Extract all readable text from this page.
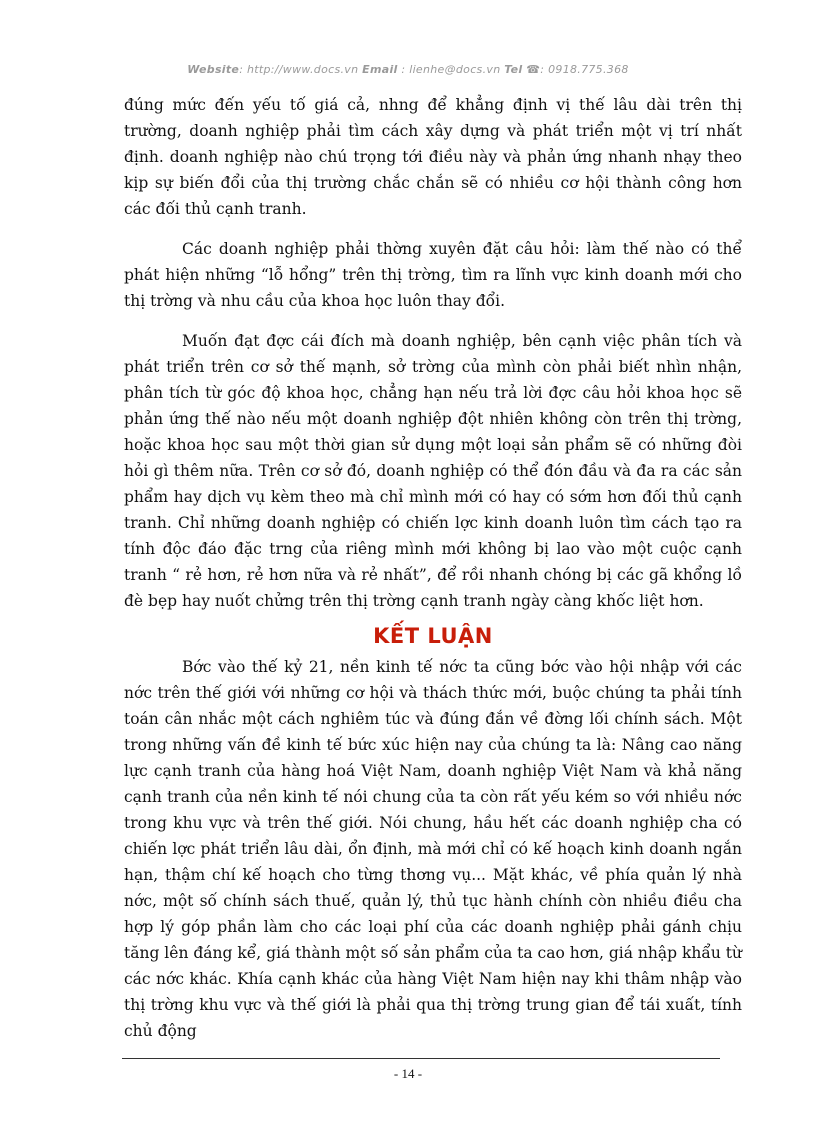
Website: http://www.docs.vn Email : lienhe@docs.vn Tel ☎: 0918.775.368

đúng mức đến yếu tố giá cả, nhng để khẳng định vị thế lâu dài trên thị trường, doanh nghiệp phải tìm cách xây dựng và phát triển một vị trí nhất định. doanh nghiệp nào chú trọng tới điều này và phản ứng nhanh nhạy theo kịp sự biến đổi của thị trường chắc chắn sẽ có nhiều cơ hội thành công hơn các đối thủ cạnh tranh.

Các doanh nghiệp phải thờng xuyên đặt câu hỏi: làm thế nào có thể phát hiện những “lỗ hổng” trên thị trờng, tìm ra lĩnh vực kinh doanh mới cho thị trờng và nhu cầu của khoa học luôn thay đổi.

Muốn đạt đợc cái đích mà doanh nghiệp, bên cạnh việc phân tích và phát triển trên cơ sở thế mạnh, sở trờng của mình còn phải biết nhìn nhận, phân tích từ góc độ khoa học, chẳng hạn nếu trả lời đợc câu hỏi khoa học sẽ phản ứng thế nào nếu một doanh nghiệp đột nhiên không còn trên thị trờng, hoặc khoa học sau một thời gian sử dụng một loại sản phẩm sẽ có những đòi hỏi gì thêm nữa. Trên cơ sở đó, doanh nghiệp có thể đón đầu và đa ra các sản phẩm hay dịch vụ kèm theo mà chỉ mình mới có hay có sớm hơn đối thủ cạnh tranh. Chỉ những doanh nghiệp có chiến lợc kinh doanh luôn tìm cách tạo ra tính độc đáo đặc trng của riêng mình mới không bị lao vào một cuộc cạnh tranh “ rẻ hơn, rẻ hơn nữa và rẻ nhất”, để rồi nhanh chóng bị các gã khổng lồ đè bẹp hay nuốt chửng trên thị trờng cạnh tranh ngày càng khốc liệt hơn.

KẾT LUẬN

Bớc vào thế kỷ 21, nền kinh tế nớc ta cũng bớc vào hội nhập với các nớc trên thế giới với những cơ hội và thách thức mới, buộc chúng ta phải tính toán cân nhắc một cách nghiêm túc và đúng đắn về đờng lối chính sách. Một trong những vấn đề kinh tế bức xúc hiện nay của chúng ta là: Nâng cao năng lực cạnh tranh của hàng hoá Việt Nam, doanh nghiệp Việt Nam và khả năng cạnh tranh của nền kinh tế nói chung của ta còn rất yếu kém so với nhiều nớc trong khu vực và trên thế giới. Nói chung, hầu hết các doanh nghiệp cha có chiến lợc phát triển lâu dài, ổn định, mà mới chỉ có kế hoạch kinh doanh ngắn hạn, thậm chí kế hoạch cho từng thơng vụ... Mặt khác, về phía quản lý nhà nớc, một số chính sách thuế, quản lý, thủ tục hành chính còn nhiều điều cha hợp lý góp phần làm cho các loại phí của các doanh nghiệp phải gánh chịu tăng lên đáng kể, giá thành một số sản phẩm của ta cao hơn, giá nhập khẩu từ các nớc khác. Khía cạnh khác của hàng Việt Nam hiện nay khi thâm nhập vào thị trờng khu vực và thế giới là phải qua thị trờng trung gian để tái xuất, tính chủ động

- 14 -
